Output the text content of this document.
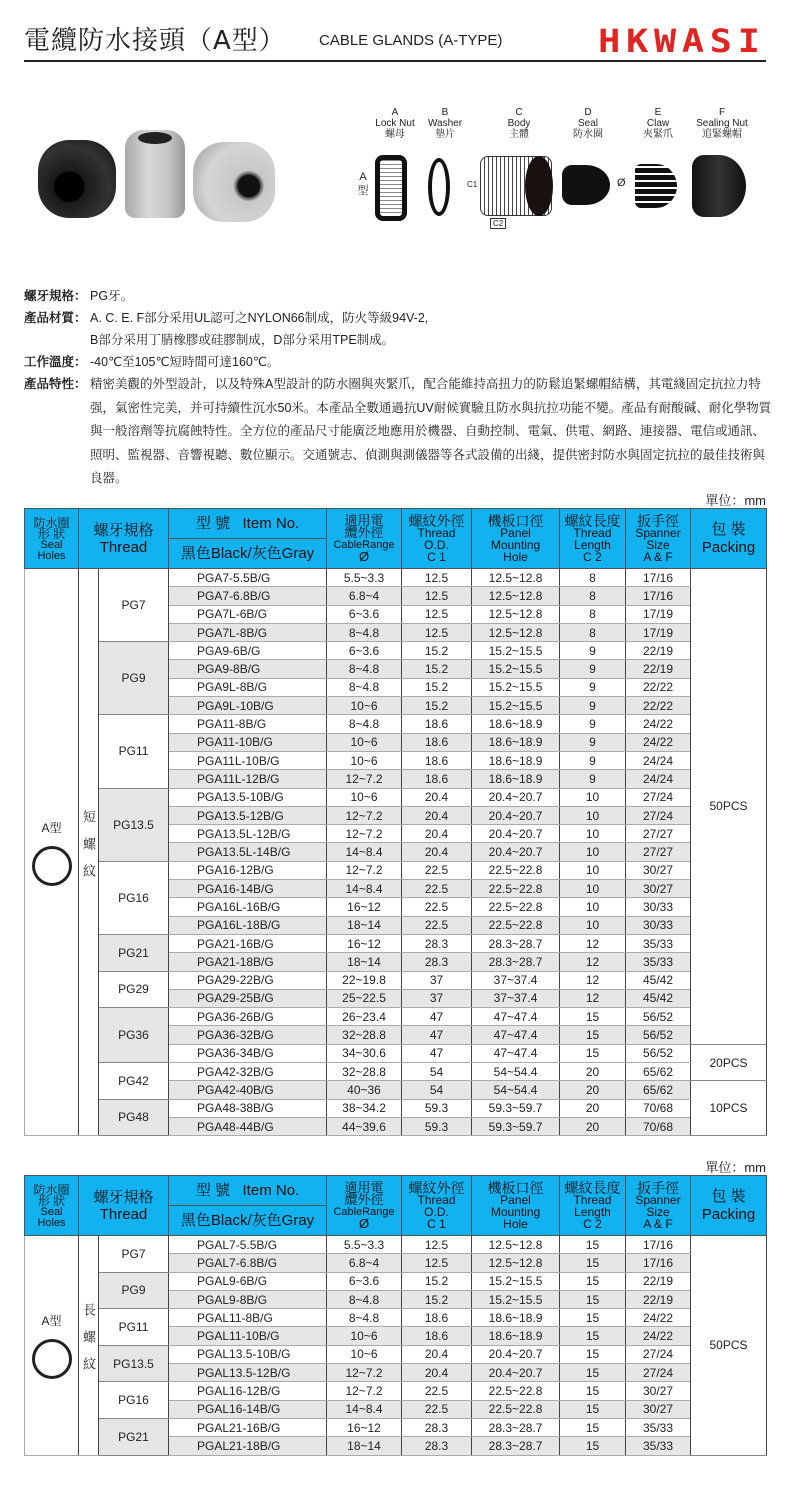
電纜防水接頭（A型） CABLE GLANDS (A-TYPE)	HKWASI
A型
A
Lock Nut
螺母
B
Washer
墊片
C
Body
主體
D
Seal
防水圈
E
Claw
夾緊爪
F
Sealing Nut
追緊螺帽
C1
C2
Ø
螺牙規格： PG牙。
產品材質： A. C. E. F部分采用UL認可之NYLON66制成，防火等級94V-2,
B部分采用丁腈橡膠或硅膠制成，D部分采用TPE制成。
工作溫度： -40℃至105℃短時間可達160℃。
產品特性： 精密美觀的外型設計，以及特殊A型設計的防水圈與夾緊爪，配合能維持高扭力的防鬆追緊螺帽結構，其電綫固定抗拉力特强，氣密性完美，并可持續性沉水50米。本產品全數通過抗UV耐候實驗且防水與抗拉功能不變。產品有耐酸碱、耐化學物質與一般溶劑等抗腐蝕特性。全方位的產品尺寸能廣泛地應用於機器、自動控制、電氣、供電、網路、連接器、電信或通訊、照明、監視器、音響視聽、數位顯示。交通號志、偵測與測儀器等各式設備的出綫，提供密封防水與固定抗拉的最佳技術與良器。
單位：mm
防水圈
形 狀
Seal
Holes

螺牙規格
Thread
	型 號 Item No.	適用電
纜外徑
CableRange
Ø

螺紋外徑
Thread
O.D.
C 1

機板口徑
Panel
Mounting
Hole

螺紋長度
Thread
Length
C 2

扳手徑
Spanner
Size
A & F

包 裝
Packing

			黑色Black/灰色Gray						

A型	短螺紋	PG7	PGA7-5.5B/G	5.5~3.3	12.5	12.5~12.8	8	17/16	50PCS
			PGA7-6.8B/G	6.8~4	12.5	12.5~12.8	8	17/16	
			PGA7L-6B/G	6~3.6	12.5	12.5~12.8	8	17/19	
			PGA7L-8B/G	8~4.8	12.5	12.5~12.8	8	17/19	
		PG9	PGA9-6B/G	6~3.6	15.2	15.2~15.5	9	22/19	
			PGA9-8B/G	8~4.8	15.2	15.2~15.5	9	22/19	
			PGA9L-8B/G	8~4.8	15.2	15.2~15.5	9	22/22	
			PGA9L-10B/G	10~6	15.2	15.2~15.5	9	22/22	
		PG11	PGA11-8B/G	8~4.8	18.6	18.6~18.9	9	24/22	
			PGA11-10B/G	10~6	18.6	18.6~18.9	9	24/22	
			PGA11L-10B/G	10~6	18.6	18.6~18.9	9	24/24	
			PGA11L-12B/G	12~7.2	18.6	18.6~18.9	9	24/24	
		PG13.5	PGA13.5-10B/G	10~6	20.4	20.4~20.7	10	27/24	
			PGA13.5-12B/G	12~7.2	20.4	20.4~20.7	10	27/24	
			PGA13.5L-12B/G	12~7.2	20.4	20.4~20.7	10	27/27	
			PGA13.5L-14B/G	14~8.4	20.4	20.4~20.7	10	27/27	
		PG16	PGA16-12B/G	12~7.2	22.5	22.5~22.8	10	30/27	
			PGA16-14B/G	14~8.4	22.5	22.5~22.8	10	30/27	
			PGA16L-16B/G	16~12	22.5	22.5~22.8	10	30/33	
			PGA16L-18B/G	18~14	22.5	22.5~22.8	10	30/33	
		PG21	PGA21-16B/G	16~12	28.3	28.3~28.7	12	35/33	
			PGA21-18B/G	18~14	28.3	28.3~28.7	12	35/33	
		PG29	PGA29-22B/G	22~19.8	37	37~37.4	12	45/42	
			PGA29-25B/G	25~22.5	37	37~37.4	12	45/42	
		PG36	PGA36-26B/G	26~23.4	47	47~47.4	15	56/52	
			PGA36-32B/G	32~28.8	47	47~47.4	15	56/52	
			PGA36-34B/G	34~30.6	47	47~47.4	15	56/52	20PCS
		PG42	PGA42-32B/G	32~28.8	54	54~54.4	20	65/62	
			PGA42-40B/G	40~36	54	54~54.4	20	65/62	10PCS
		PG48	PGA48-38B/G	38~34.2	59.3	59.3~59.7	20	70/68	
			PGA48-44B/G	44~39.6	59.3	59.3~59.7	20	70/68	
單位：mm
防水圈
形 狀
Seal
Holes

螺牙規格
Thread
	型 號 Item No.	適用電
纜外徑
CableRange
Ø

螺紋外徑
Thread
O.D.
C 1

機板口徑
Panel
Mounting
Hole

螺紋長度
Thread
Length
C 2

扳手徑
Spanner
Size
A & F

包 裝
Packing

			黑色Black/灰色Gray						

A型	長螺紋	PG7	PGAL7-5.5B/G	5.5~3.3	12.5	12.5~12.8	15	17/16	50PCS
			PGAL7-6.8B/G	6.8~4	12.5	12.5~12.8	15	17/16	
		PG9	PGAL9-6B/G	6~3.6	15.2	15.2~15.5	15	22/19	
			PGAL9-8B/G	8~4.8	15.2	15.2~15.5	15	22/19	
		PG11	PGAL11-8B/G	8~4.8	18.6	18.6~18.9	15	24/22	
			PGAL11-10B/G	10~6	18.6	18.6~18.9	15	24/22	
		PG13.5	PGAL13.5-10B/G	10~6	20.4	20.4~20.7	15	27/24	
			PGAL13.5-12B/G	12~7.2	20.4	20.4~20.7	15	27/24	
		PG16	PGAL16-12B/G	12~7.2	22.5	22.5~22.8	15	30/27	
			PGAL16-14B/G	14~8.4	22.5	22.5~22.8	15	30/27	
		PG21	PGAL21-16B/G	16~12	28.3	28.3~28.7	15	35/33	
			PGAL21-18B/G	18~14	28.3	28.3~28.7	15	35/33	
